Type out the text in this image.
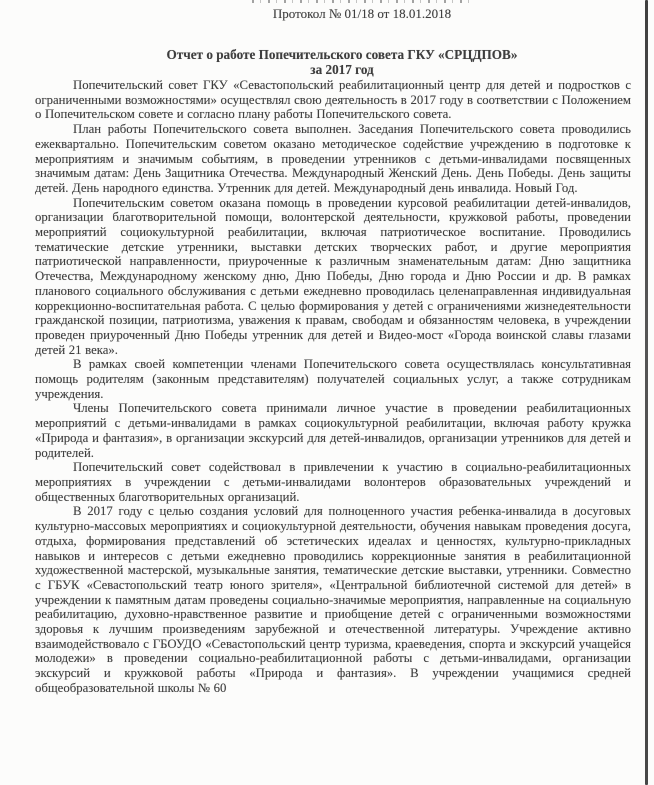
Протокол № 01/18 от 18.01.2018
Отчет о работе Попечительского совета ГКУ «СРЦДПОВ»
за 2017 год

Попечительский совет ГКУ «Севастопольский реабилитационный центр для детей и подростков с ограниченными возможностями» осуществлял свою деятельность в 2017 году в соответствии с Положением о Попечительском совете и согласно плану работы Попечительского совета.

План работы Попечительского совета выполнен. Заседания Попечительского совета проводились ежеквартально. Попечительским советом оказано методическое содействие учреждению в подготовке к мероприятиям и значимым событиям, в проведении утренников с детьми-инвалидами посвященных значимым датам: День Защитника Отечества. Международный Женский День. День Победы. День защиты детей. День народного единства. Утренник для детей. Международный день инвалида. Новый Год.

Попечительским советом оказана помощь в проведении курсовой реабилитации детей-инвалидов, организации благотворительной помощи, волонтерской деятельности, кружковой работы, проведении мероприятий социокультурной реабилитации, включая патриотическое воспитание. Проводились тематические детские утренники, выставки детских творческих работ, и другие мероприятия патриотической направленности, приуроченные к различным знаменательным датам: Дню защитника Отечества, Международному женскому дню, Дню Победы, Дню города и Дню России и др. В рамках планового социального обслуживания с детьми ежедневно проводилась целенаправленная индивидуальная коррекционно-воспитательная работа. С целью формирования у детей с ограничениями жизнедеятельности гражданской позиции, патриотизма, уважения к правам, свободам и обязанностям человека, в учреждении проведен приуроченный Дню Победы утренник для детей и Видео-мост «Города воинской славы глазами детей 21 века».

В рамках своей компетенции членами Попечительского совета осуществлялась консультативная помощь родителям (законным представителям) получателей социальных услуг, а также сотрудникам учреждения.

Члены Попечительского совета принимали личное участие в проведении реабилитационных мероприятий с детьми-инвалидами в рамках социокультурной реабилитации, включая работу кружка «Природа и фантазия», в организации экскурсий для детей-инвалидов, организации утренников для детей и родителей.

Попечительский совет содействовал в привлечении к участию в социально-реабилитационных мероприятиях в учреждении с детьми-инвалидами волонтеров образовательных учреждений и общественных благотворительных организаций.

В 2017 году с целью создания условий для полноценного участия ребенка-инвалида в досуговых культурно-массовых мероприятиях и социокультурной деятельности, обучения навыкам проведения досуга, отдыха, формирования представлений об эстетических идеалах и ценностях, культурно-прикладных навыков и интересов с детьми ежедневно проводились коррекционные занятия в реабилитационной художественной мастерской, музыкальные занятия, тематические детские выставки, утренники. Совместно с ГБУК «Севастопольский театр юного зрителя», «Центральной библиотечной системой для детей» в учреждении к памятным датам проведены социально-значимые мероприятия, направленные на социальную реабилитацию, духовно-нравственное развитие и приобщение детей с ограниченными возможностями здоровья к лучшим произведениям зарубежной и отечественной литературы. Учреждение активно взаимодействовало с ГБОУДО «Севастопольский центр туризма, краеведения, спорта и экскурсий учащейся молодежи» в проведении социально-реабилитационной работы с детьми-инвалидами, организации экскурсий и кружковой работы «Природа и фантазия». В учреждении учащимися средней общеобразовательной школы № 60
